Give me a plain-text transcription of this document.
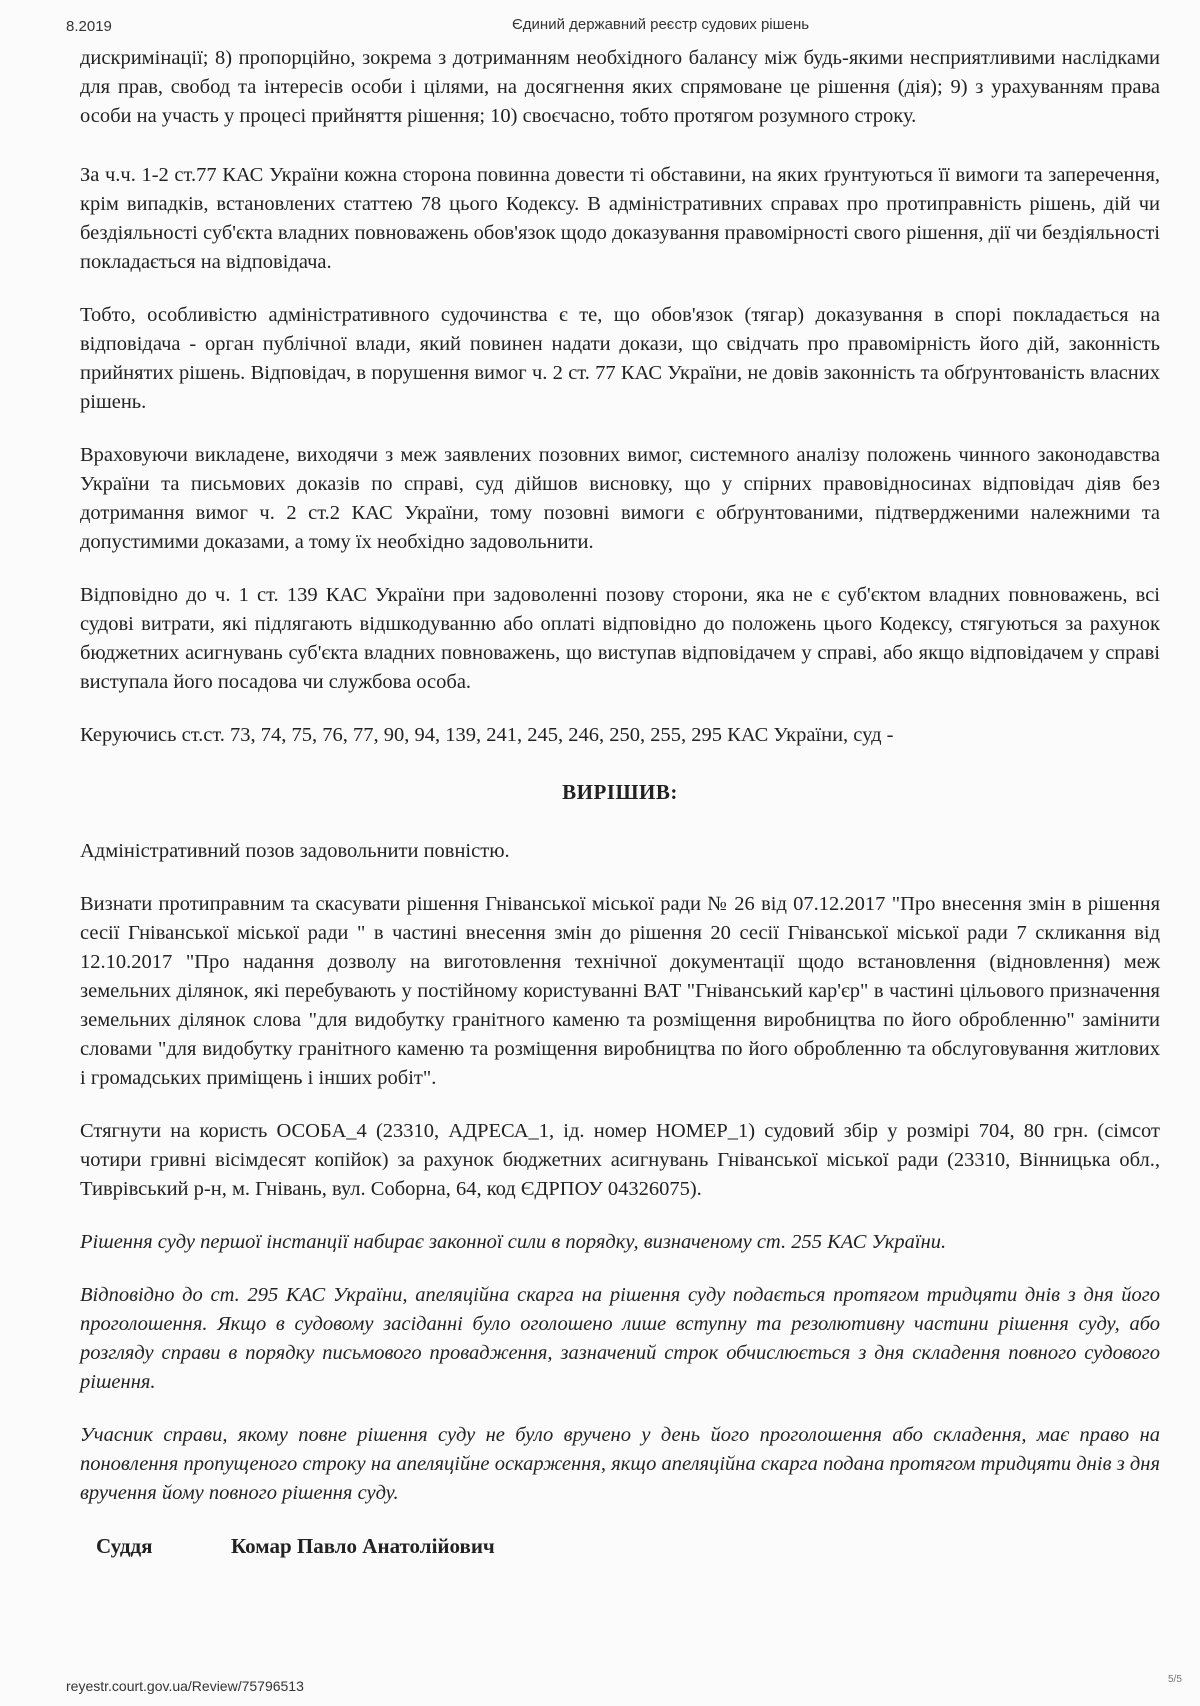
8.2019	Єдиний державний реєстр судових рішень

дискримінації; 8) пропорційно, зокрема з дотриманням необхідного балансу між будь-якими несприятливими наслідками для прав, свобод та інтересів особи і цілями, на досягнення яких спрямоване це рішення (дія); 9) з урахуванням права особи на участь у процесі прийняття рішення; 10) своєчасно, тобто протягом розумного строку.

За ч.ч. 1-2 ст.77 КАС України кожна сторона повинна довести ті обставини, на яких ґрунтуються її вимоги та заперечення, крім випадків, встановлених статтею 78 цього Кодексу. В адміністративних справах про протиправність рішень, дій чи бездіяльності суб'єкта владних повноважень обов'язок щодо доказування правомірності свого рішення, дії чи бездіяльності покладається на відповідача.

Тобто, особливістю адміністративного судочинства є те, що обов'язок (тягар) доказування в спорі покладається на відповідача - орган публічної влади, який повинен надати докази, що свідчать про правомірність його дій, законність прийнятих рішень. Відповідач, в порушення вимог ч. 2 ст. 77 КАС України, не довів законність та обґрунтованість власних рішень.

Враховуючи викладене, виходячи з меж заявлених позовних вимог, системного аналізу положень чинного законодавства України та письмових доказів по справі, суд дійшов висновку, що у спірних правовідносинах відповідач діяв без дотримання вимог ч. 2 ст.2 КАС України, тому позовні вимоги є обґрунтованими, підтвердженими належними та допустимими доказами, а тому їх необхідно задовольнити.

Відповідно до ч. 1 ст. 139 КАС України при задоволенні позову сторони, яка не є суб'єктом владних повноважень, всі судові витрати, які підлягають відшкодуванню або оплаті відповідно до положень цього Кодексу, стягуються за рахунок бюджетних асигнувань суб'єкта владних повноважень, що виступав відповідачем у справі, або якщо відповідачем у справі виступала його посадова чи службова особа.

Керуючись ст.ст. 73, 74, 75, 76, 77, 90, 94, 139, 241, 245, 246, 250, 255, 295 КАС України, суд -

ВИРІШИВ:

Адміністративний позов задовольнити повністю.

Визнати протиправним та скасувати рішення Гніванської міської ради № 26 від 07.12.2017 "Про внесення змін в рішення сесії Гніванської міської ради " в частині внесення змін до рішення 20 сесії Гніванської міської ради 7 скликання від 12.10.2017 "Про надання дозволу на виготовлення технічної документації щодо встановлення (відновлення) меж земельних ділянок, які перебувають у постійному користуванні ВАТ "Гніванський кар'єр" в частині цільового призначення земельних ділянок слова "для видобутку гранітного каменю та розміщення виробництва по його обробленню" замінити словами "для видобутку гранітного каменю та розміщення виробництва по його обробленню та обслуговування житлових і громадських приміщень і інших робіт".

Стягнути на користь ОСОБА_4 (23310, АДРЕСА_1, ід. номер НОМЕР_1) судовий збір у розмірі 704, 80 грн. (сімсот чотири гривні вісімдесят копійок) за рахунок бюджетних асигнувань Гніванської міської ради (23310, Вінницька обл., Тиврівський р-н, м. Гнівань, вул. Соборна, 64, код ЄДРПОУ 04326075).

Рішення суду першої інстанції набирає законної сили в порядку, визначеному ст. 255 КАС України.

Відповідно до ст. 295 КАС України, апеляційна скарга на рішення суду подається протягом тридцяти днів з дня його проголошення. Якщо в судовому засіданні було оголошено лише вступну та резолютивну частини рішення суду, або розгляду справи в порядку письмового провадження, зазначений строк обчислюється з дня складення повного судового рішення.

Учасник справи, якому повне рішення суду не було вручено у день його проголошення або складення, має право на поновлення пропущеного строку на апеляційне оскарження, якщо апеляційна скарга подана протягом тридцяти днів з дня вручення йому повного рішення суду.

Суддя	Комар Павло Анатолійович
reyestr.court.gov.ua/Review/75796513	5/5
